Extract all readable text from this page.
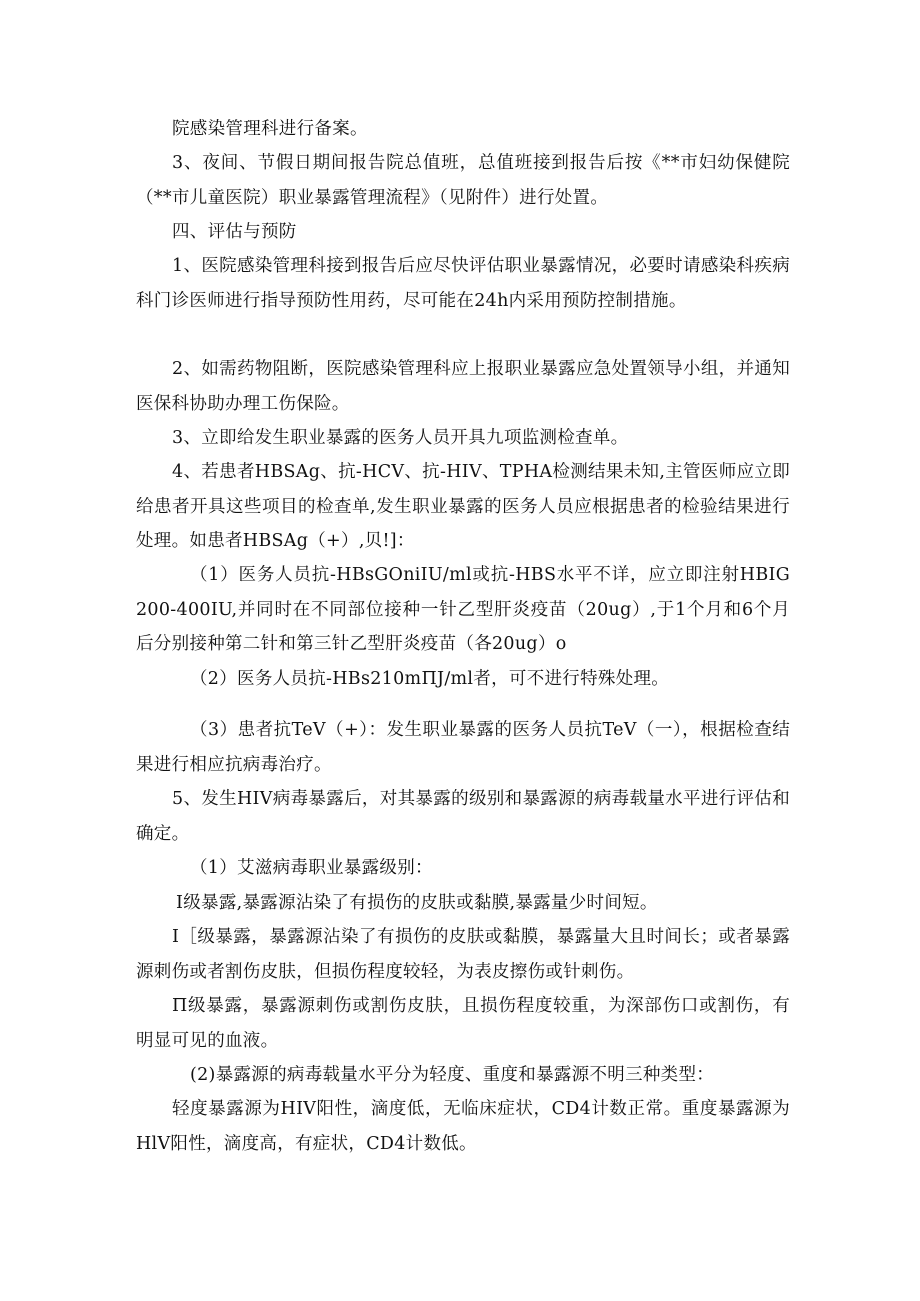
院感染管理科进行备案。

3、夜间、节假日期间报告院总值班，总值班接到报告后按《**市妇幼保健院（**市儿童医院）职业暴露管理流程》（见附件）进行处置。

四、评估与预防

1、医院感染管理科接到报告后应尽快评估职业暴露情况，必要时请感染科疾病科门诊医师进行指导预防性用药，尽可能在24h内采用预防控制措施。

2、如需药物阻断，医院感染管理科应上报职业暴露应急处置领导小组，并通知医保科协助办理工伤保险。

3、立即给发生职业暴露的医务人员开具九项监测检查单。

4、若患者HBSAg、抗-HCV、抗-HIV、TPHA检测结果未知,主管医师应立即给患者开具这些项目的检查单,发生职业暴露的医务人员应根据患者的检验结果进行处理。如患者HBSAg（+）,贝!]：

（1）医务人员抗-HBsGOniIU/ml或抗-HBS水平不详，应立即注射HBIG200-400IU,并同时在不同部位接种一针乙型肝炎疫苗（20ug）,于1个月和6个月后分别接种第二针和第三针乙型肝炎疫苗（各20ug）o

（2）医务人员抗-HBs210mΠJ∕ml者，可不进行特殊处理。

（3）患者抗TeV（+）：发生职业暴露的医务人员抗TeV（一），根据检查结果进行相应抗病毒治疗。

5、发生HIV病毒暴露后，对其暴露的级别和暴露源的病毒载量水平进行评估和确定。

（1）艾滋病毒职业暴露级别：

I级暴露,暴露源沾染了有损伤的皮肤或黏膜,暴露量少时间短。

I［级暴露，暴露源沾染了有损伤的皮肤或黏膜，暴露量大且时间长；或者暴露源刺伤或者割伤皮肤，但损伤程度较轻，为表皮擦伤或针刺伤。

Π级暴露，暴露源刺伤或割伤皮肤，且损伤程度较重，为深部伤口或割伤，有明显可见的血液。

(2)暴露源的病毒载量水平分为轻度、重度和暴露源不明三种类型：

轻度暴露源为HIV阳性，滴度低，无临床症状，CD4计数正常。重度暴露源为HlV阳性，滴度高，有症状，CD4计数低。
